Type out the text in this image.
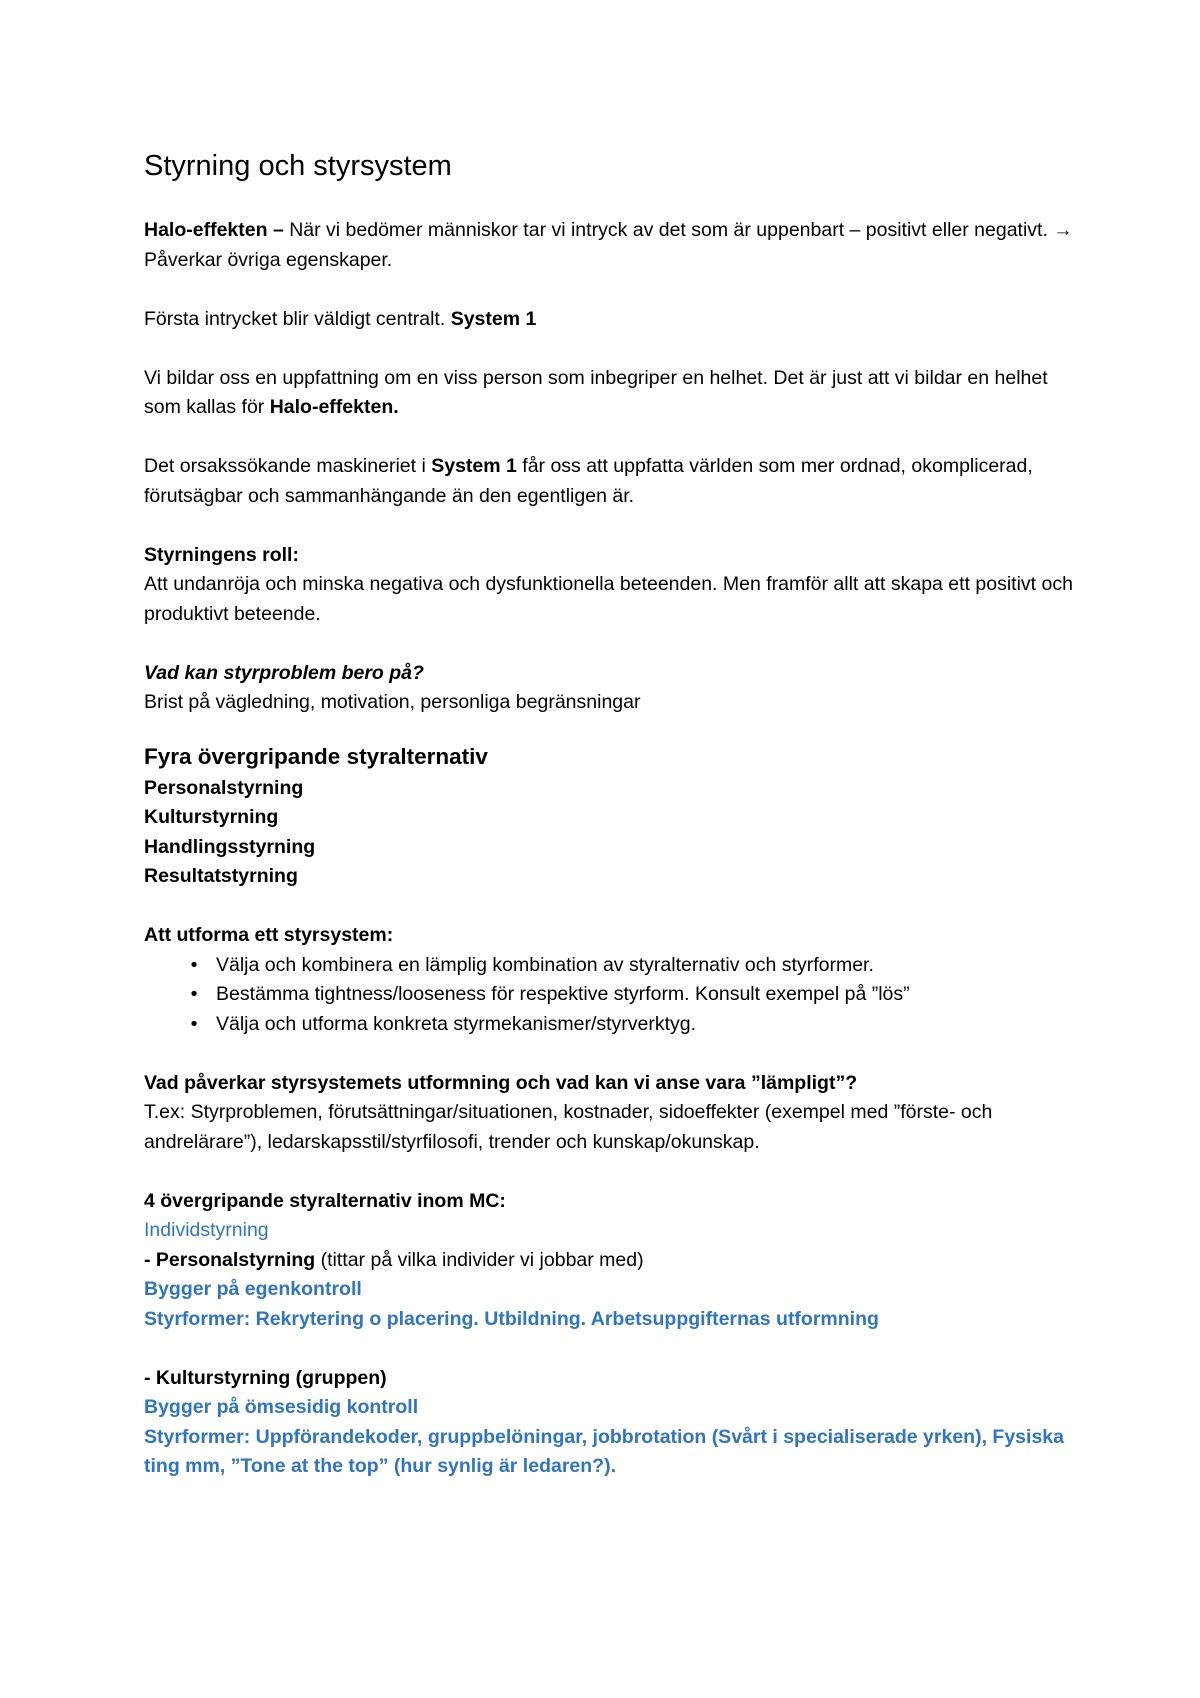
Styrning och styrsystem

Halo-effekten – När vi bedömer människor tar vi intryck av det som är uppenbart – positivt eller negativt. → Påverkar övriga egenskaper.

Första intrycket blir väldigt centralt. System 1

Vi bildar oss en uppfattning om en viss person som inbegriper en helhet. Det är just att vi bildar en helhet som kallas för Halo-effekten.

Det orsakssökande maskineriet i System 1 får oss att uppfatta världen som mer ordnad, okomplicerad, förutsägbar och sammanhängande än den egentligen är.

Styrningens roll:

Att undanröja och minska negativa och dysfunktionella beteenden. Men framför allt att skapa ett positivt och produktivt beteende.

Vad kan styrproblem bero på?

Brist på vägledning, motivation, personliga begränsningar

Fyra övergripande styralternativ

Personalstyrning

Kulturstyrning

Handlingsstyrning

Resultatstyrning

Att utforma ett styrsystem:

• Välja och kombinera en lämplig kombination av styralternativ och styrformer.
• Bestämma tightness/looseness för respektive styrform. Konsult exempel på ”lös”
• Välja och utforma konkreta styrmekanismer/styrverktyg.

Vad påverkar styrsystemets utformning och vad kan vi anse vara ”lämpligt”?

T.ex: Styrproblemen, förutsättningar/situationen, kostnader, sidoeffekter (exempel med ”förste- och andrelärare”), ledarskapsstil/styrfilosofi, trender och kunskap/okunskap.

4 övergripande styralternativ inom MC:

Individstyrning

- Personalstyrning (tittar på vilka individer vi jobbar med)

Bygger på egenkontroll

Styrformer: Rekrytering o placering. Utbildning. Arbetsuppgifternas utformning

- Kulturstyrning (gruppen)

Bygger på ömsesidig kontroll

Styrformer: Uppförandekoder, gruppbelöningar, jobbrotation (Svårt i specialiserade yrken), Fysiska ting mm, ”Tone at the top” (hur synlig är ledaren?).
